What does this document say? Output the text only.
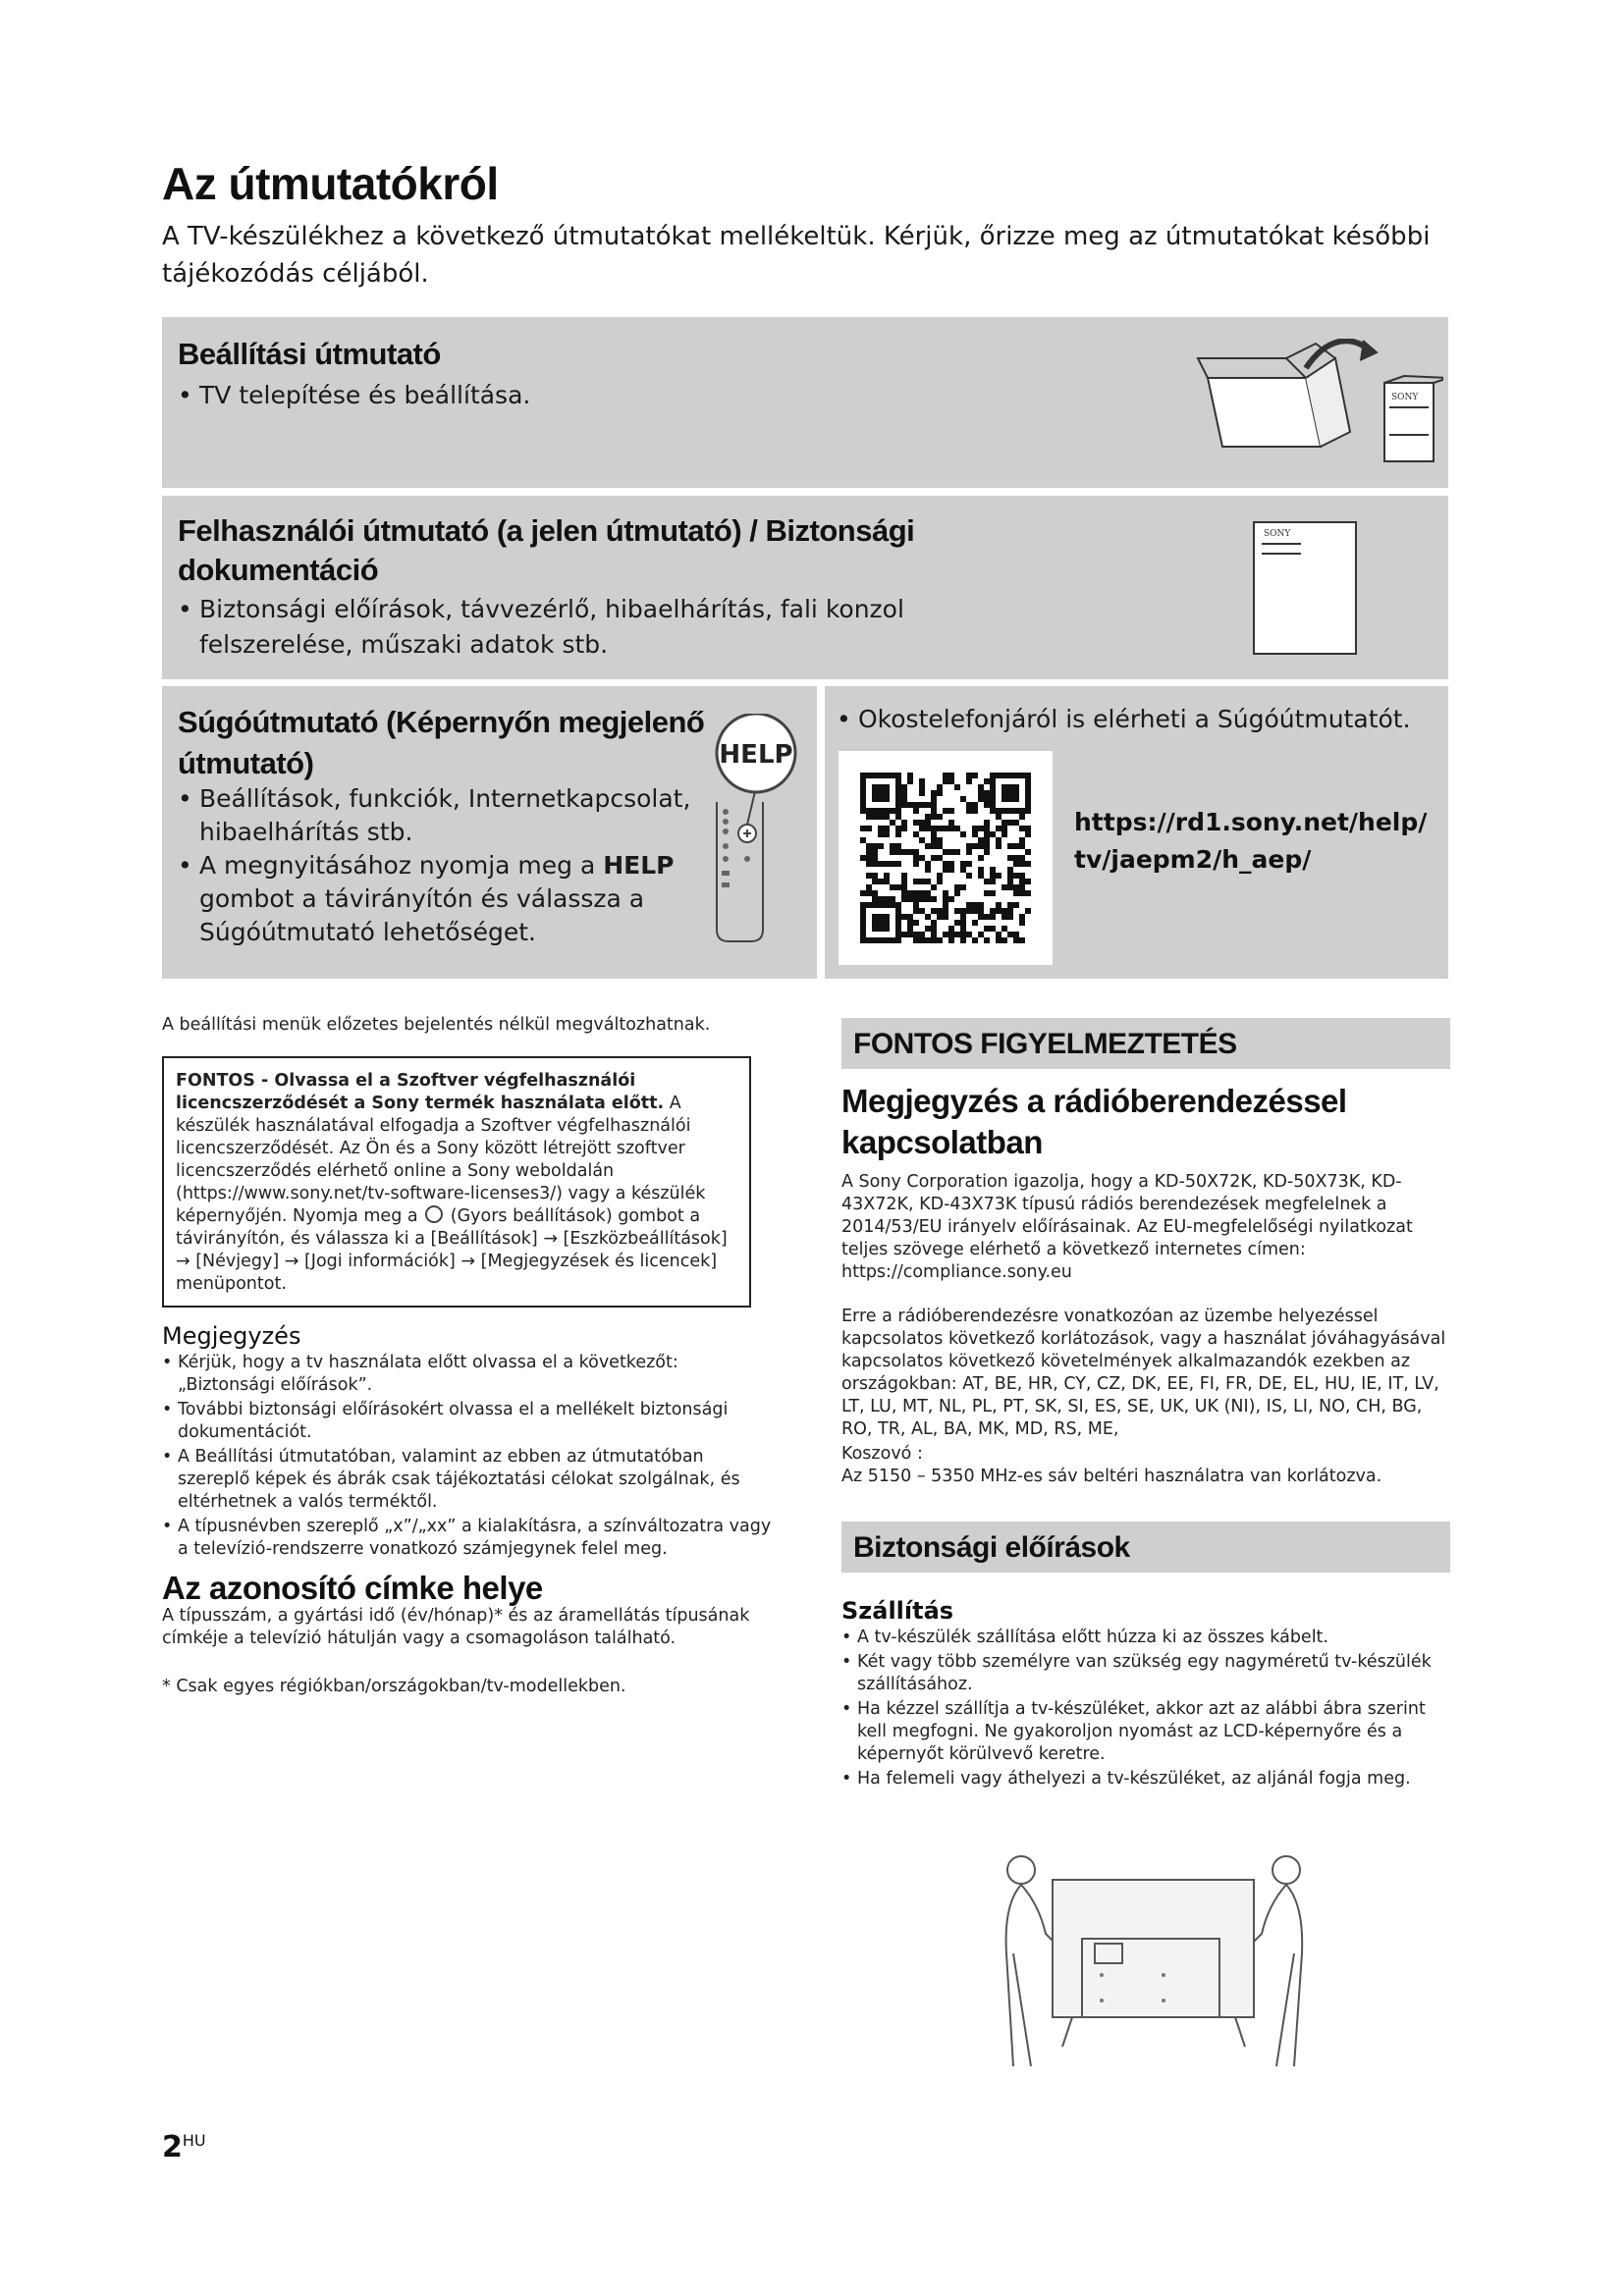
Az útmutatókról
A TV-készülékhez a következő útmutatókat mellékeltük. Kérjük, őrizze meg az útmutatókat későbbi tájékozódás céljából.
Beállítási útmutató
• TV telepítése és beállítása.	SONY
Felhasználói útmutató (a jelen útmutató) / Biztonsági
dokumentáció
• Biztonsági előírások, távvezérlő, hibaelhárítás, fali konzol
felszerelése, műszaki adatok stb.
SONY
Súgóútmutató (Képernyőn megjelenő
útmutató)
• Beállítások, funkciók, Internetkapcsolat,
hibaelhárítás stb.
• A megnyitásához nyomja meg a HELP
gombot a távirányítón és válassza a
Súgóútmutató lehetőséget.
HELP
• Okostelefonjáról is elérheti a Súgóútmutatót.
https://rd1.sony.net/help/
tv/jaepm2/h_aep/
A beállítási menük előzetes bejelentés nélkül megváltozhatnak.
FONTOS - Olvassa el a Szoftver végfelhasználói licencszerződését a Sony termék használata előtt. A készülék használatával elfogadja a Szoftver végfelhasználói licencszerződését. Az Ön és a Sony között létrejött szoftver licencszerződés elérhető online a Sony weboldalán (https://www.sony.net/tv-software-licenses3/) vagy a készülék képernyőjén. Nyomja meg a (Gyors beállítások) gombot a távirányítón, és válassza ki a [Beállítások] → [Eszközbeállítások] → [Névjegy] → [Jogi információk] → [Megjegyzések és licencek] menüpontot.
Megjegyzés
• Kérjük, hogy a tv használata előtt olvassa el a következőt: „Biztonsági előírások”.
• További biztonsági előírásokért olvassa el a mellékelt biztonsági dokumentációt.
• A Beállítási útmutatóban, valamint az ebben az útmutatóban szereplő képek és ábrák csak tájékoztatási célokat szolgálnak, és eltérhetnek a valós terméktől.
• A típusnévben szereplő „x”/„xx” a kialakításra, a színváltozatra vagy a televízió-rendszerre vonatkozó számjegynek felel meg.
Az azonosító címke helye
A típusszám, a gyártási idő (év/hónap)* és az áramellátás típusának címkéje a televízió hátulján vagy a csomagoláson található.
* Csak egyes régiókban/országokban/tv-modellekben.
FONTOS FIGYELMEZTETÉS
Megjegyzés a rádióberendezéssel
kapcsolatban
A Sony Corporation igazolja, hogy a KD-50X72K, KD-50X73K, KD-43X72K, KD-43X73K típusú rádiós berendezések megfelelnek a 2014/53/EU irányelv előírásainak. Az EU-megfelelőségi nyilatkozat teljes szövege elérhető a következő internetes címen: https://compliance.sony.eu
Erre a rádióberendezésre vonatkozóan az üzembe helyezéssel kapcsolatos következő korlátozások, vagy a használat jóváhagyásával kapcsolatos következő követelmények alkalmazandók ezekben az országokban: AT, BE, HR, CY, CZ, DK, EE, FI, FR, DE, EL, HU, IE, IT, LV, LT, LU, MT, NL, PL, PT, SK, SI, ES, SE, UK, UK (NI), IS, LI, NO, CH, BG, RO, TR, AL, BA, MK, MD, RS, ME,
Koszovó :
Az 5150 – 5350 MHz-es sáv beltéri használatra van korlátozva.
Biztonsági előírások
Szállítás
• A tv-készülék szállítása előtt húzza ki az összes kábelt.
• Két vagy több személyre van szükség egy nagyméretű tv-készülék szállításához.
• Ha kézzel szállítja a tv-készüléket, akkor azt az alábbi ábra szerint kell megfogni. Ne gyakoroljon nyomást az LCD-képernyőre és a képernyőt körülvevő keretre.
• Ha felemeli vagy áthelyezi a tv-készüléket, az aljánál fogja meg.
$2^{HU}$
